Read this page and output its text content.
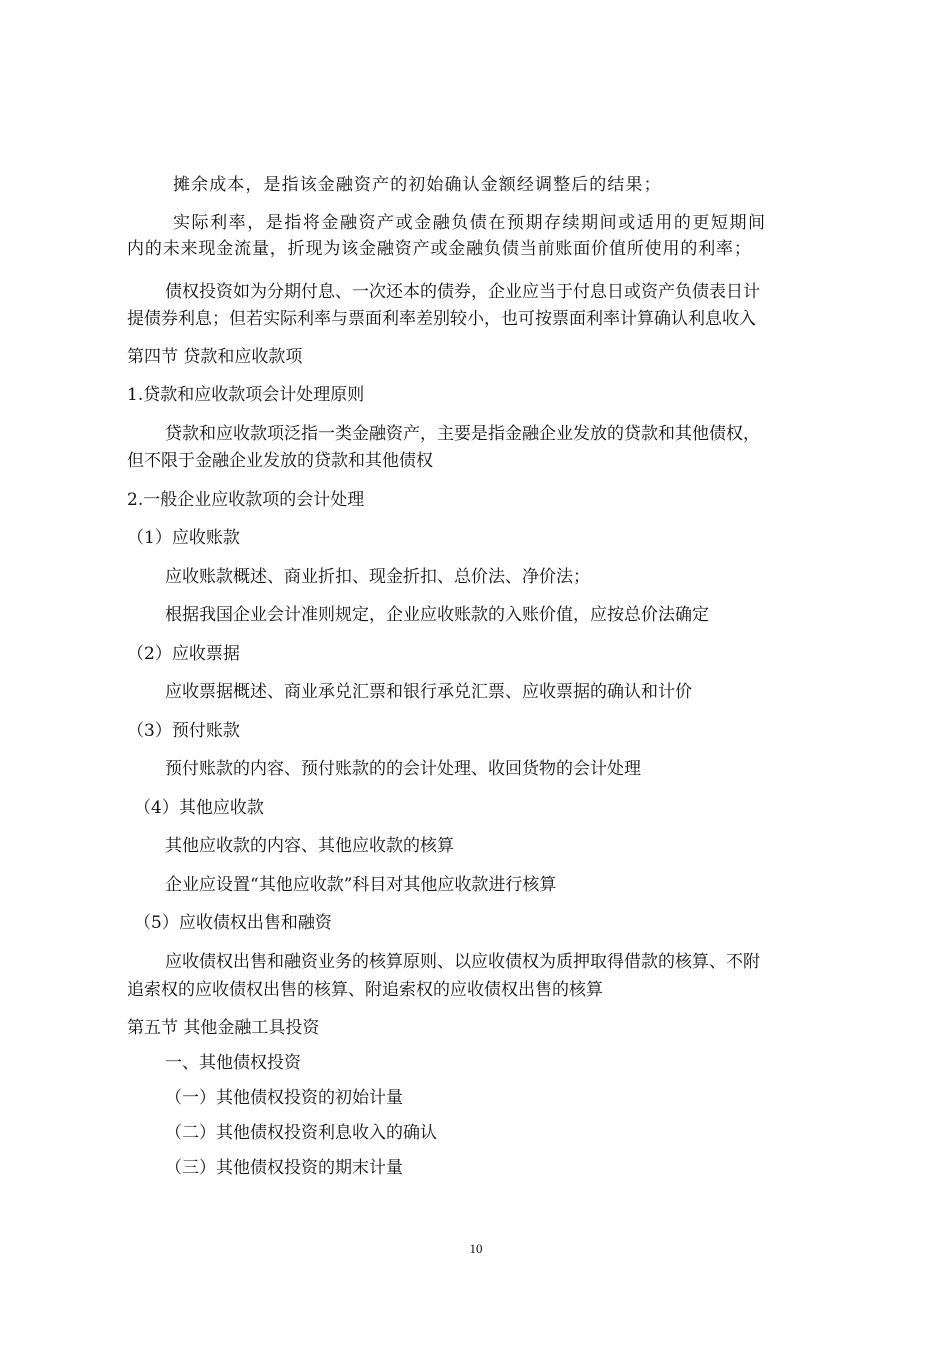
摊余成本，是指该金融资产的初始确认金额经调整后的结果；
实际利率，是指将金融资产或金融负债在预期存续期间或适用的更短期间
内的未来现金流量，折现为该金融资产或金融负债当前账面价值所使用的利率；
债权投资如为分期付息、一次还本的债券，企业应当于付息日或资产负债表日计
提债券利息；但若实际利率与票面利率差别较小，也可按票面利率计算确认利息收入
第四节 贷款和应收款项
1.贷款和应收款项会计处理原则
贷款和应收款项泛指一类金融资产，主要是指金融企业发放的贷款和其他债权，
但不限于金融企业发放的贷款和其他债权
2.一般企业应收款项的会计处理
（1）应收账款
应收账款概述、商业折扣、现金折扣、总价法、净价法；
根据我国企业会计准则规定，企业应收账款的入账价值，应按总价法确定
（2）应收票据
应收票据概述、商业承兑汇票和银行承兑汇票、应收票据的确认和计价
（3）预付账款
预付账款的内容、预付账款的的会计处理、收回货物的会计处理
（4）其他应收款
其他应收款的内容、其他应收款的核算
企业应设置“其他应收款”科目对其他应收款进行核算
（5）应收债权出售和融资
应收债权出售和融资业务的核算原则、以应收债权为质押取得借款的核算、不附
追索权的应收债权出售的核算、附追索权的应收债权出售的核算
第五节 其他金融工具投资
一、其他债权投资
（一）其他债权投资的初始计量
（二）其他债权投资利息收入的确认
（三）其他债权投资的期末计量
10
